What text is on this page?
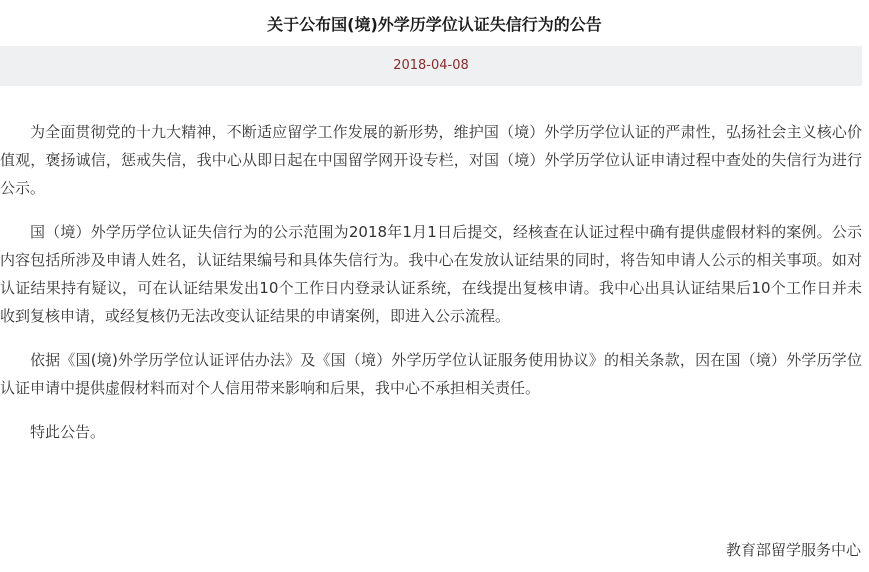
关于公布国(境)外学历学位认证失信行为的公告
2018-04-08

为全面贯彻党的十九大精神，不断适应留学工作发展的新形势，维护国（境）外学历学位认证的严肃性，弘扬社会主义核心价值观，褒扬诚信，惩戒失信，我中心从即日起在中国留学网开设专栏，对国（境）外学历学位认证申请过程中查处的失信行为进行公示。

国（境）外学历学位认证失信行为的公示范围为2018年1月1日后提交，经核查在认证过程中确有提供虚假材料的案例。公示内容包括所涉及申请人姓名，认证结果编号和具体失信行为。我中心在发放认证结果的同时，将告知申请人公示的相关事项。如对认证结果持有疑议，可在认证结果发出10个工作日内登录认证系统，在线提出复核申请。我中心出具认证结果后10个工作日并未收到复核申请，或经复核仍无法改变认证结果的申请案例，即进入公示流程。

依据《国(境)外学历学位认证评估办法》及《国（境）外学历学位认证服务使用协议》的相关条款，因在国（境）外学历学位认证申请中提供虚假材料而对个人信用带来影响和后果，我中心不承担相关责任。

特此公告。

教育部留学服务中心
